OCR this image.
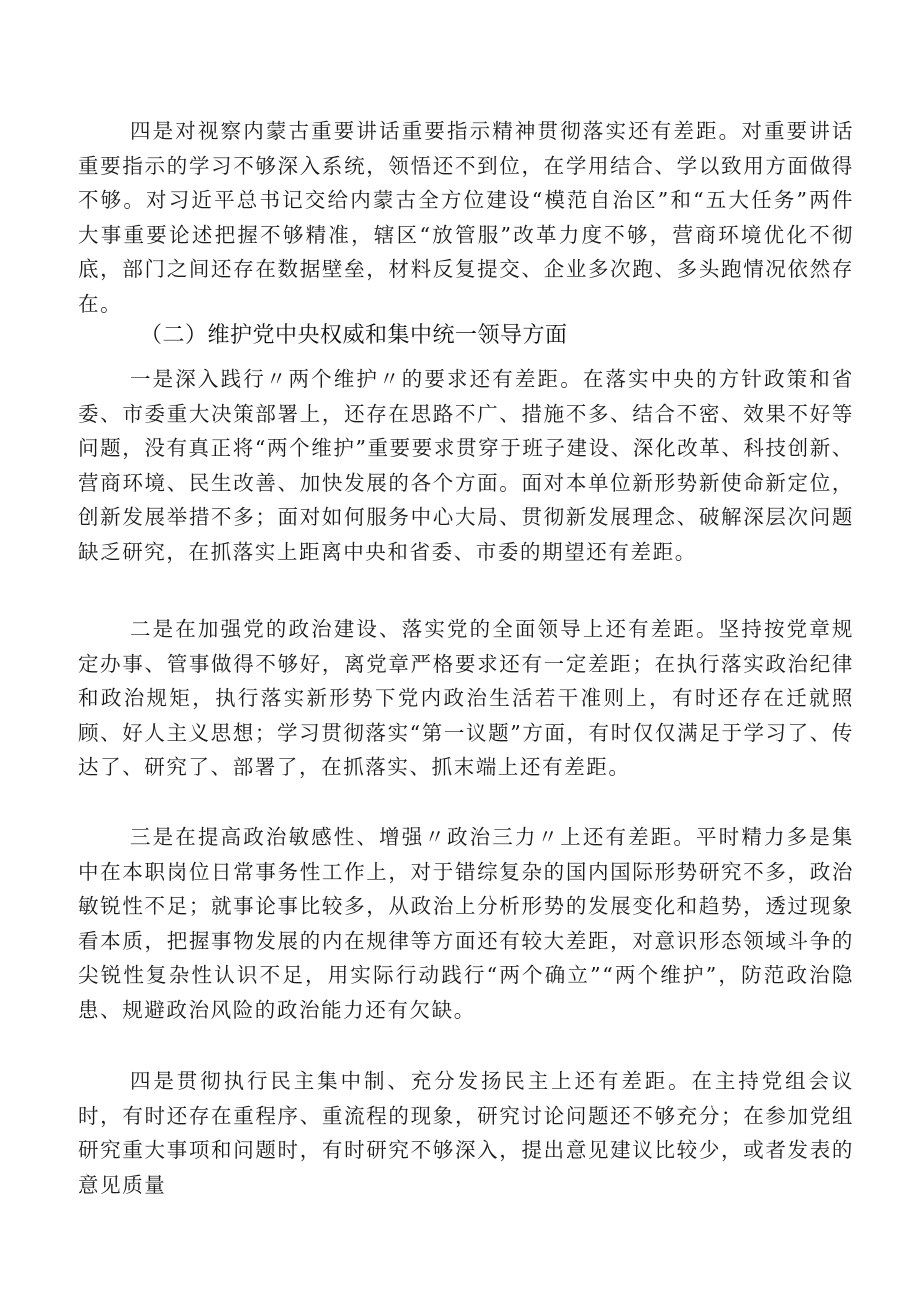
四是对视察内蒙古重要讲话重要指示精神贯彻落实还有差距。对重要讲话重要指示的学习不够深入系统，领悟还不到位，在学用结合、学以致用方面做得不够。对习近平总书记交给内蒙古全方位建设“模范自治区”和“五大任务”两件大事重要论述把握不够精准，辖区“放管服”改革力度不够，营商环境优化不彻底，部门之间还存在数据壁垒，材料反复提交、企业多次跑、多头跑情况依然存在。

（二）维护党中央权威和集中统一领导方面

一是深入践行〃两个维护〃的要求还有差距。在落实中央的方针政策和省委、市委重大决策部署上，还存在思路不广、措施不多、结合不密、效果不好等问题，没有真正将“两个维护”重要要求贯穿于班子建设、深化改革、科技创新、营商环境、民生改善、加快发展的各个方面。面对本单位新形势新使命新定位，创新发展举措不多；面对如何服务中心大局、贯彻新发展理念、破解深层次问题缺乏研究，在抓落实上距离中央和省委、市委的期望还有差距。

二是在加强党的政治建设、落实党的全面领导上还有差距。坚持按党章规定办事、管事做得不够好，离党章严格要求还有一定差距；在执行落实政治纪律和政治规矩，执行落实新形势下党内政治生活若干准则上，有时还存在迁就照顾、好人主义思想；学习贯彻落实“第一议题”方面，有时仅仅满足于学习了、传达了、研究了、部署了，在抓落实、抓末端上还有差距。

三是在提高政治敏感性、增强〃政治三力〃上还有差距。平时精力多是集中在本职岗位日常事务性工作上，对于错综复杂的国内国际形势研究不多，政治敏锐性不足；就事论事比较多，从政治上分析形势的发展变化和趋势，透过现象看本质，把握事物发展的内在规律等方面还有较大差距，对意识形态领域斗争的尖锐性复杂性认识不足，用实际行动践行“两个确立”“两个维护”，防范政治隐患、规避政治风险的政治能力还有欠缺。

四是贯彻执行民主集中制、充分发扬民主上还有差距。在主持党组会议时，有时还存在重程序、重流程的现象，研究讨论问题还不够充分；在参加党组研究重大事项和问题时，有时研究不够深入，提出意见建议比较少，或者发表的意见质量
